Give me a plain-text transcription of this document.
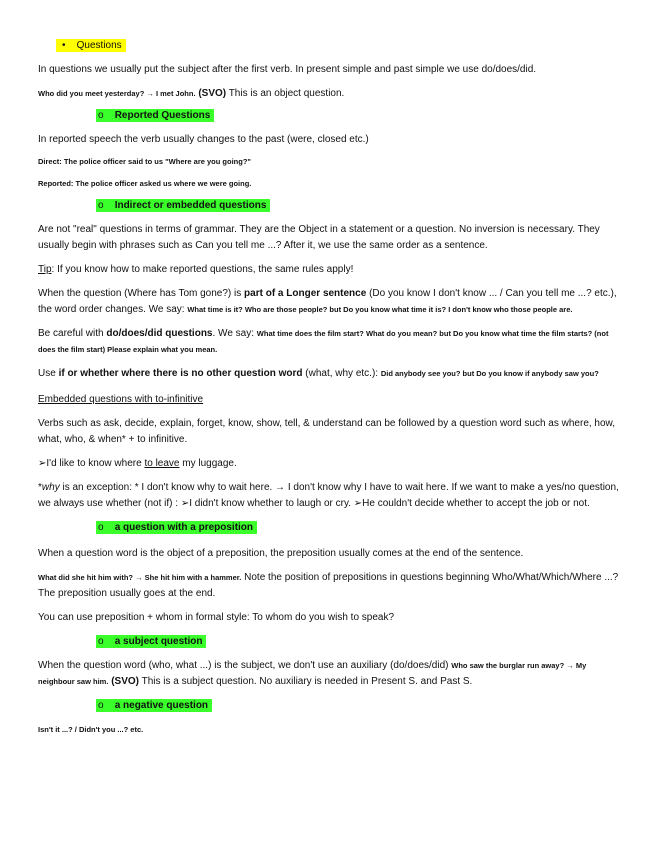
• Questions

In questions we usually put the subject after the first verb. In present simple and past simple we use do/does/did.

Who did you meet yesterday? → I met John. (SVO) This is an object question.

o Reported Questions

In reported speech the verb usually changes to the past (were, closed etc.)

Direct: The police officer said to us "Where are you going?"

Reported: The police officer asked us where we were going.

o Indirect or embedded questions

Are not "real" questions in terms of grammar. They are the Object in a statement or a question. No inversion is necessary. They usually begin with phrases such as Can you tell me ...? After it, we use the same order as a sentence.

Tip: If you know how to make reported questions, the same rules apply!

When the question (Where has Tom gone?) is part of a Longer sentence (Do you know I don't know ... / Can you tell me ...? etc.), the word order changes. We say: What time is it? Who are those people? but Do you know what time it is? I don't know who those people are.

Be careful with do/does/did questions. We say: What time does the film start? What do you mean? but Do you know what time the film starts? (not does the film start) Please explain what you mean.

Use if or whether where there is no other question word (what, why etc.): Did anybody see you? but Do you know if anybody saw you?

Embedded questions with to-infinitive

Verbs such as ask, decide, explain, forget, know, show, tell, & understand can be followed by a question word such as where, how, what, who, & when* + to infinitive.

➢I'd like to know where to leave my luggage.

*why is an exception: * I don't know why to wait here. → I don't know why I have to wait here. If we want to make a yes/no question, we always use whether (not if) : ➢I didn't know whether to laugh or cry. ➢He couldn't decide whether to accept the job or not.

o a question with a preposition

When a question word is the object of a preposition, the preposition usually comes at the end of the sentence.

What did she hit him with? → She hit him with a hammer. Note the position of prepositions in questions beginning Who/What/Which/Where ...? The preposition usually goes at the end.

You can use preposition + whom in formal style: To whom do you wish to speak?

o a subject question

When the question word (who, what ...) is the subject, we don't use an auxiliary (do/does/did) Who saw the burglar run away? → My neighbour saw him. (SVO) This is a subject question. No auxiliary is needed in Present S. and Past S.

o a negative question

Isn't it ...? / Didn't you ...? etc.
